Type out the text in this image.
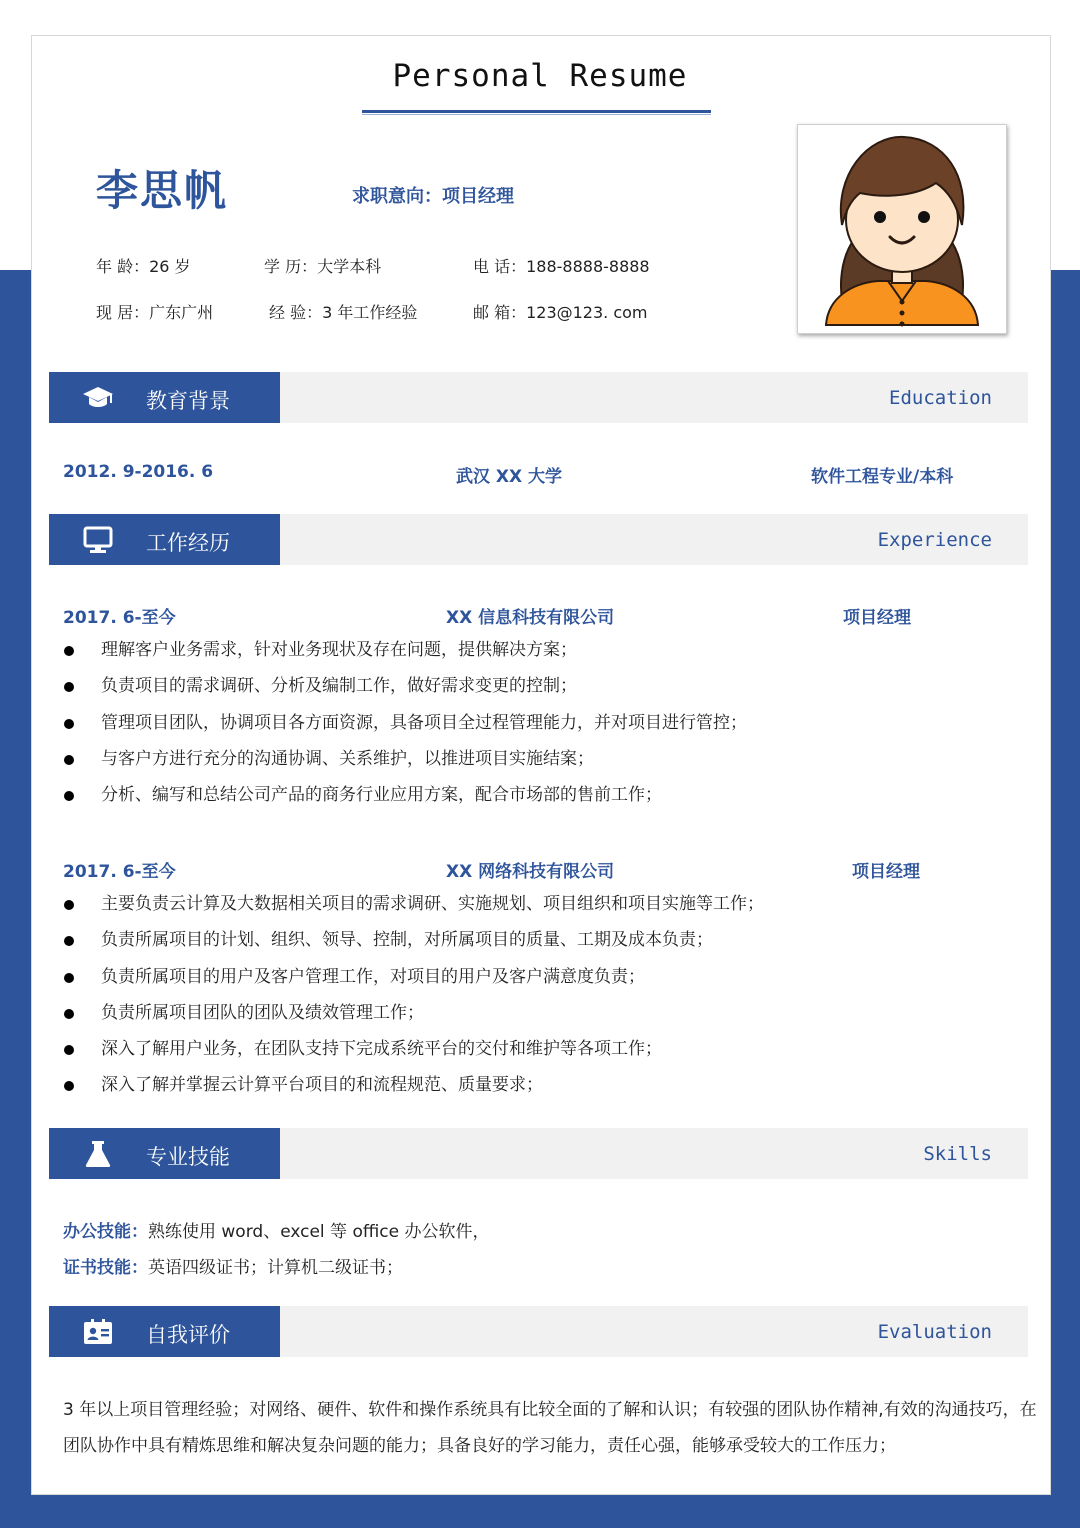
Personal Resume
李思帆	求职意向：项目经理
年 龄：26 岁	学 历：大学本科	电 话：188-8888-8888
现 居：广东广州	经 验：3 年工作经验	邮 箱：123@123. com
教育背景	Education
2012. 9-2016. 6	武汉 XX 大学	软件工程专业/本科
工作经历	Experience
2017. 6-至今	XX 信息科技有限公司	项目经理
理解客户业务需求，针对业务现状及存在问题，提供解决方案；
负责项目的需求调研、分析及编制工作，做好需求变更的控制；
管理项目团队，协调项目各方面资源，具备项目全过程管理能力，并对项目进行管控；
与客户方进行充分的沟通协调、关系维护，以推进项目实施结案；
分析、编写和总结公司产品的商务行业应用方案，配合市场部的售前工作；
2017. 6-至今	XX 网络科技有限公司	项目经理
主要负责云计算及大数据相关项目的需求调研、实施规划、项目组织和项目实施等工作；
负责所属项目的计划、组织、领导、控制，对所属项目的质量、工期及成本负责；
负责所属项目的用户及客户管理工作，对项目的用户及客户满意度负责；
负责所属项目团队的团队及绩效管理工作；
深入了解用户业务，在团队支持下完成系统平台的交付和维护等各项工作；
深入了解并掌握云计算平台项目的和流程规范、质量要求；
专业技能	Skills
办公技能：熟练使用 word、excel 等 office 办公软件，
证书技能：英语四级证书；计算机二级证书；
自我评价	Evaluation
3 年以上项目管理经验；对网络、硬件、软件和操作系统具有比较全面的了解和认识；有较强的团队协作精神,有效的沟通技巧，在团队协作中具有精炼思维和解决复杂问题的能力；具备良好的学习能力，责任心强，能够承受较大的工作压力；
